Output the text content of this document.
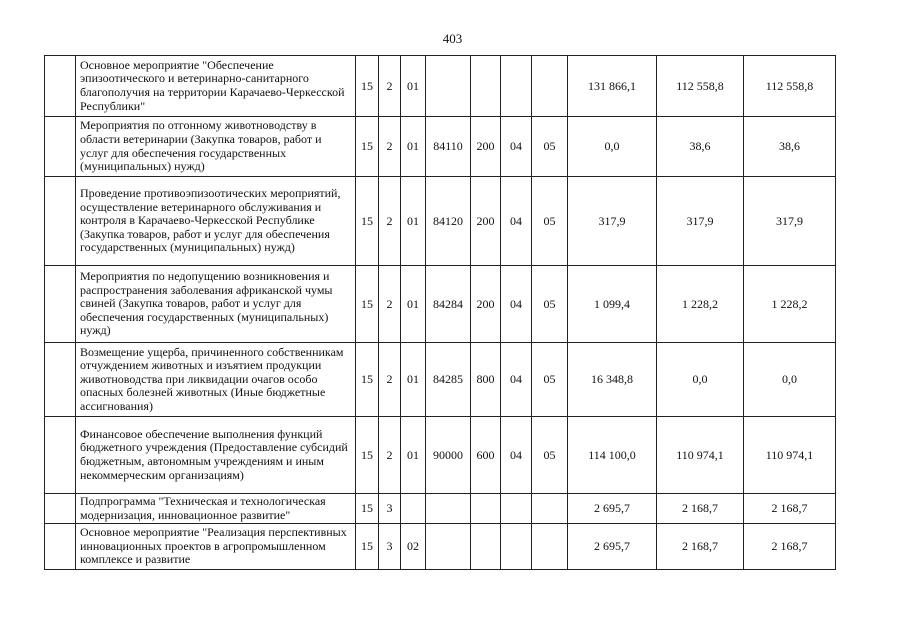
403
	Основное мероприятие "Обеспечение эпизоотического и ветеринарно-санитарного благополучия на территории Карачаево-Черкесской Республики"	15	2	01					131 866,1	112 558,8	112 558,8
	Мероприятия по отгонному животноводству в области ветеринарии (Закупка товаров, работ и услуг для обеспечения государственных (муниципальных) нужд)	15	2	01	84110	200	04	05	0,0	38,6	38,6
	Проведение противоэпизоотических мероприятий, осуществление ветеринарного обслуживания и контроля в Карачаево-Черкесской Республике (Закупка товаров, работ и услуг для обеспечения государственных (муниципальных) нужд)	15	2	01	84120	200	04	05	317,9	317,9	317,9
	Мероприятия по недопущению возникновения и распространения заболевания африканской чумы свиней (Закупка товаров, работ и услуг для обеспечения государственных (муниципальных) нужд)	15	2	01	84284	200	04	05	1 099,4	1 228,2	1 228,2
	Возмещение ущерба, причиненного собственникам отчуждением животных и изъятием продукции животноводства при ликвидации очагов особо опасных болезней животных (Иные бюджетные ассигнования)	15	2	01	84285	800	04	05	16 348,8	0,0	0,0
	Финансовое обеспечение выполнения функций бюджетного учреждения (Предоставление субсидий бюджетным, автономным учреждениям и иным некоммерческим организациям)	15	2	01	90000	600	04	05	114 100,0	110 974,1	110 974,1
	Подпрограмма "Техническая и технологическая модернизация, инновационное развитие"	15	3						2 695,7	2 168,7	2 168,7
	Основное мероприятие "Реализация перспективных инновационных проектов в агропромышленном комплексе и развитие	15	3	02					2 695,7	2 168,7	2 168,7
